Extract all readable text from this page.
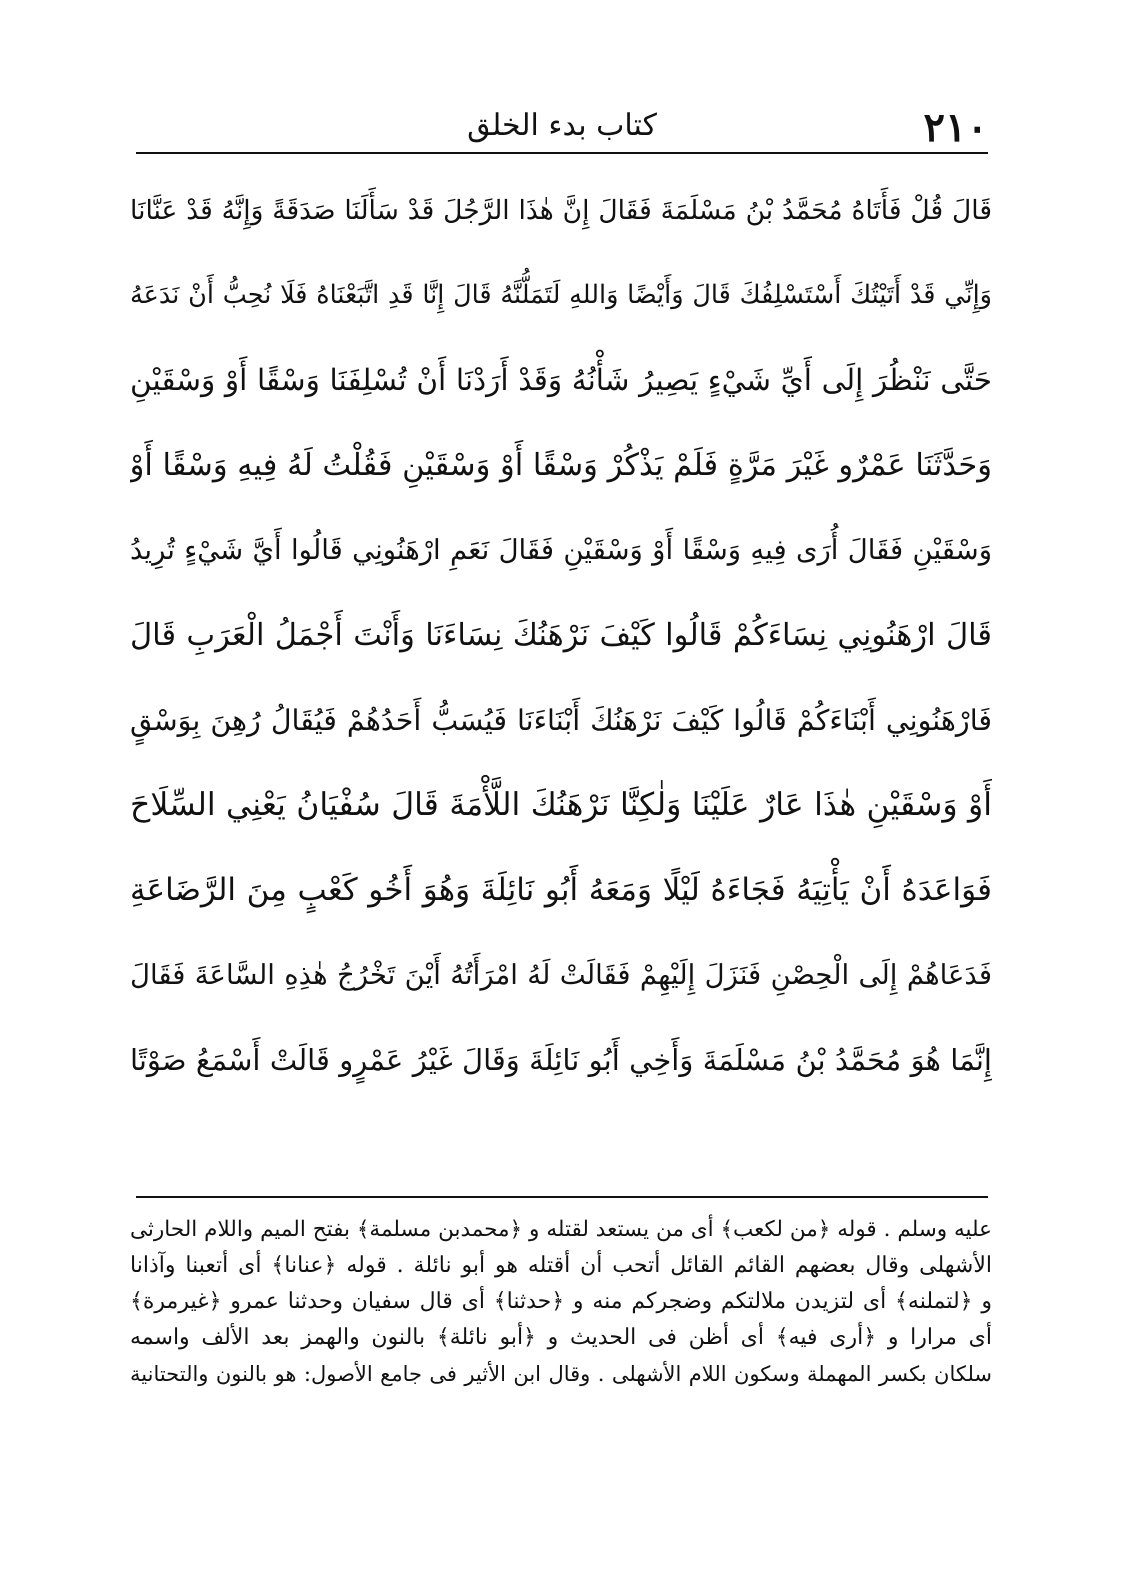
٢١٠
كتاب بدء الخلق
قَالَ قُلْ فَأَتَاهُ مُحَمَّدُ بْنُ مَسْلَمَةَ فَقَالَ إِنَّ هٰذَا الرَّجُلَ قَدْ سَأَلَنَا صَدَقَةً وَإِنَّهُ قَدْ عَنَّانَا
وَإِنِّي قَدْ أَتَيْتُكَ أَسْتَسْلِفُكَ قَالَ وَأَيْضًا وَاللهِ لَتَمَلُّنَّهُ قَالَ إِنَّا قَدِ اتَّبَعْنَاهُ فَلَا نُحِبُّ أَنْ نَدَعَهُ
حَتَّى نَنْظُرَ إِلَى أَيِّ شَيْءٍ يَصِيرُ شَأْنُهُ وَقَدْ أَرَدْنَا أَنْ تُسْلِفَنَا وَسْقًا أَوْ وَسْقَيْنِ
وَحَدَّثَنَا عَمْرٌو غَيْرَ مَرَّةٍ فَلَمْ يَذْكُرْ وَسْقًا أَوْ وَسْقَيْنِ فَقُلْتُ لَهُ فِيهِ وَسْقًا أَوْ
وَسْقَيْنِ فَقَالَ أُرَى فِيهِ وَسْقًا أَوْ وَسْقَيْنِ فَقَالَ نَعَمِ ارْهَنُونِي قَالُوا أَيَّ شَيْءٍ تُرِيدُ
قَالَ ارْهَنُونِي نِسَاءَكُمْ قَالُوا كَيْفَ نَرْهَنُكَ نِسَاءَنَا وَأَنْتَ أَجْمَلُ الْعَرَبِ قَالَ
فَارْهَنُونِي أَبْنَاءَكُمْ قَالُوا كَيْفَ نَرْهَنُكَ أَبْنَاءَنَا فَيُسَبُّ أَحَدُهُمْ فَيُقَالُ رُهِنَ بِوَسْقٍ
أَوْ وَسْقَيْنِ هٰذَا عَارٌ عَلَيْنَا وَلٰكِنَّا نَرْهَنُكَ اللَّأْمَةَ قَالَ سُفْيَانُ يَعْنِي السِّلَاحَ
فَوَاعَدَهُ أَنْ يَأْتِيَهُ فَجَاءَهُ لَيْلًا وَمَعَهُ أَبُو نَائِلَةَ وَهُوَ أَخُو كَعْبٍ مِنَ الرَّضَاعَةِ
فَدَعَاهُمْ إِلَى الْحِصْنِ فَنَزَلَ إِلَيْهِمْ فَقَالَتْ لَهُ امْرَأَتُهُ أَيْنَ تَخْرُجُ هٰذِهِ السَّاعَةَ فَقَالَ
إِنَّمَا هُوَ مُحَمَّدُ بْنُ مَسْلَمَةَ وَأَخِي أَبُو نَائِلَةَ وَقَالَ غَيْرُ عَمْرٍو قَالَتْ أَسْمَعُ صَوْتًا
عليه وسلم . قوله ﴿من لكعب﴾ أى من يستعد لقتله و ﴿محمدبن مسلمة﴾ بفتح الميم واللام الحارثى
الأشهلى وقال بعضهم القائم القائل أتحب أن أقتله هو أبو نائلة . قوله ﴿عنانا﴾ أى أتعبنا وآذانا
و ﴿لتملنه﴾ أى لتزيدن ملالتكم وضجركم منه و ﴿حدثنا﴾ أى قال سفيان وحدثنا عمرو ﴿غيرمرة﴾
أى مرارا و ﴿أرى فيه﴾ أى أظن فى الحديث و ﴿أبو نائلة﴾ بالنون والهمز بعد الألف واسمه
سلكان بكسر المهملة وسكون اللام الأشهلى . وقال ابن الأثير فى جامع الأصول: هو بالنون والتحتانية
